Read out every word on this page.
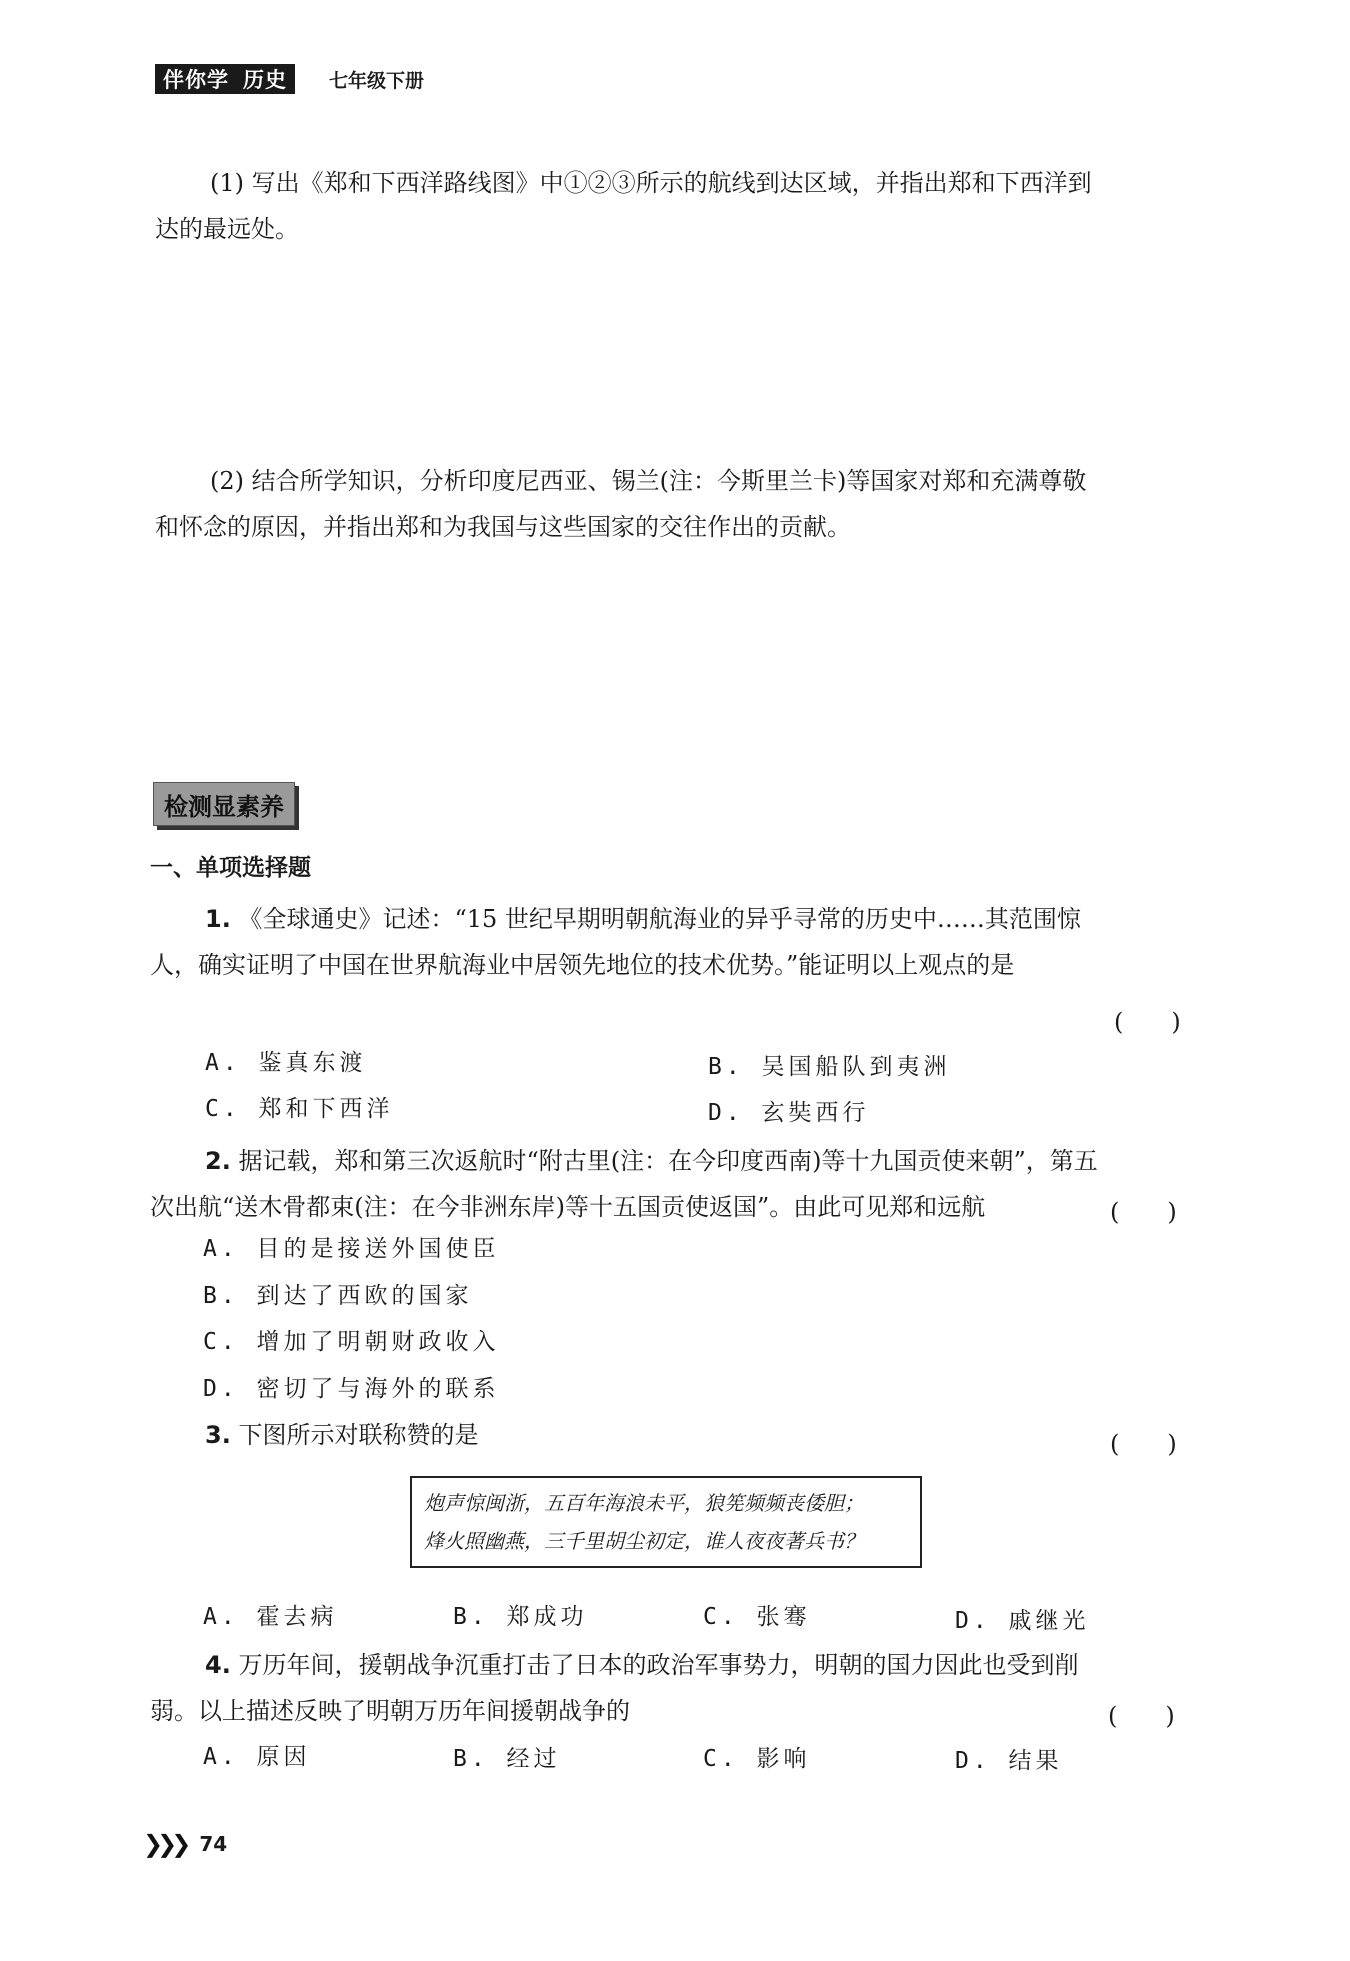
伴你学 历史 七年级下册
(1) 写出《郑和下西洋路线图》中①②③所示的航线到达区域，并指出郑和下西洋到
达的最远处。
(2) 结合所学知识，分析印度尼西亚、锡兰(注：今斯里兰卡)等国家对郑和充满尊敬
和怀念的原因，并指出郑和为我国与这些国家的交往作出的贡献。
检测显素养
一、单项选择题
1. 《全球通史》记述：“15 世纪早期明朝航海业的异乎寻常的历史中……其范围惊
人，确实证明了中国在世界航海业中居领先地位的技术优势。”能证明以上观点的是
(　　)
A. 鉴真东渡	B. 吴国船队到夷洲
C. 郑和下西洋	D. 玄奘西行
2. 据记载，郑和第三次返航时“附古里(注：在今印度西南)等十九国贡使来朝”，第五
次出航“送木骨都束(注：在今非洲东岸)等十五国贡使返国”。由此可见郑和远航	(　　)
A. 目的是接送外国使臣
B. 到达了西欧的国家
C. 增加了明朝财政收入
D. 密切了与海外的联系
3. 下图所示对联称赞的是	(　　)
炮声惊闽浙，五百年海浪未平，狼筅频频丧倭胆；
烽火照幽燕，三千里胡尘初定，谁人夜夜著兵书？
A. 霍去病	B. 郑成功	C. 张骞	D. 戚继光
4. 万历年间，援朝战争沉重打击了日本的政治军事势力，明朝的国力因此也受到削
弱。以上描述反映了明朝万历年间援朝战争的	(　　)
A. 原因	B. 经过	C. 影响	D. 结果
❯ ❯ ❯ 74
